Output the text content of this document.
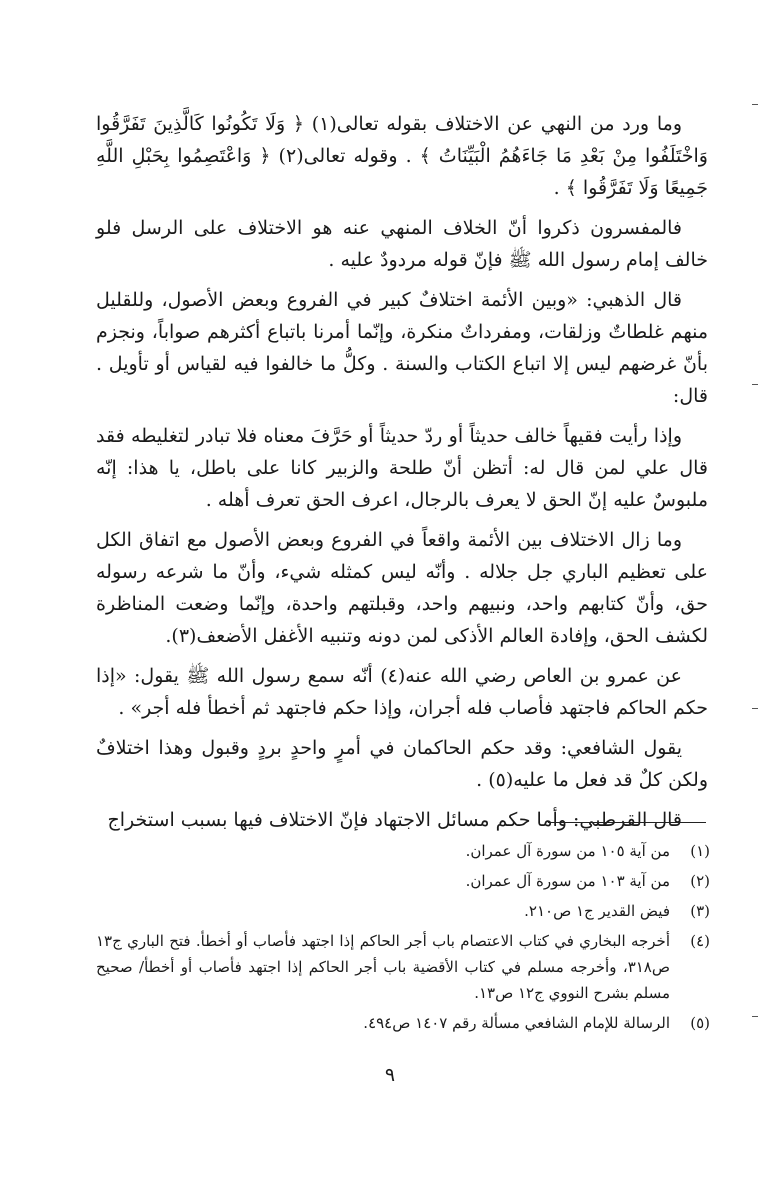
وما ورد من النهي عن الاختلاف بقوله تعالى(١) ﴿ وَلَا تَكُونُوا كَالَّذِينَ تَفَرَّقُوا وَاخْتَلَفُوا مِنْ بَعْدِ مَا جَاءَهُمُ الْبَيِّنَاتُ ﴾ . وقوله تعالى(٢) ﴿ وَاعْتَصِمُوا بِحَبْلِ اللَّهِ جَمِيعًا وَلَا تَفَرَّقُوا ﴾ .

فالمفسرون ذكروا أنّ الخلاف المنهي عنه هو الاختلاف على الرسل فلو خالف إمام رسول الله ﷺ فإنّ قوله مردودٌ عليه .

قال الذهبي: «وبين الأئمة اختلافٌ كبير في الفروع وبعض الأصول، وللقليل منهم غلطاتٌ وزلقات، ومفرداتٌ منكرة، وإنّما أمرنا باتباع أكثرهم صواباً، ونجزم بأنّ غرضهم ليس إلا اتباع الكتاب والسنة . وكلُّ ما خالفوا فيه لقياس أو تأويل . قال:

وإذا رأيت فقيهاً خالف حديثاً أو ردّ حديثاً أو حَرَّفَ معناه فلا تبادر لتغليطه فقد قال علي لمن قال له: أتظن أنّ طلحة والزبير كانا على باطل، يا هذا: إنّه ملبوسٌ عليه إنّ الحق لا يعرف بالرجال، اعرف الحق تعرف أهله .

وما زال الاختلاف بين الأئمة واقعاً في الفروع وبعض الأصول مع اتفاق الكل على تعظيم الباري جل جلاله . وأنّه ليس كمثله شيء، وأنّ ما شرعه رسوله حق، وأنّ كتابهم واحد، ونبيهم واحد، وقبلتهم واحدة، وإنّما وضعت المناظرة لكشف الحق، وإفادة العالم الأذكى لمن دونه وتنبيه الأغفل الأضعف(٣).

عن عمرو بن العاص رضي الله عنه(٤) أنّه سمع رسول الله ﷺ يقول: «إذا حكم الحاكم فاجتهد فأصاب فله أجران، وإذا حكم فاجتهد ثم أخطأ فله أجر» .

يقول الشافعي: وقد حكم الحاكمان في أمرٍ واحدٍ بردٍ وقبول وهذا اختلافٌ ولكن كلٌ قد فعل ما عليه(٥) .

قال القرطبي: وأما حكم مسائل الاجتهاد فإنّ الاختلاف فيها بسبب استخراج

(١)
من آية ١٠٥ من سورة آل عمران.
(٢)
من آية ١٠٣ من سورة آل عمران.
(٣)
فيض القدير ج١ ص٢١٠.
(٤)
أخرجه البخاري في كتاب الاعتصام باب أجر الحاكم إذا اجتهد فأصاب أو أخطأ. فتح الباري ج١٣ ص٣١٨، وأخرجه مسلم في كتاب الأقضية باب أجر الحاكم إذا اجتهد فأصاب أو أخطأ/ صحيح مسلم بشرح النووي ج١٢ ص١٣.
(٥)
الرسالة للإمام الشافعي مسألة رقم ١٤٠٧ ص٤٩٤.
٩
